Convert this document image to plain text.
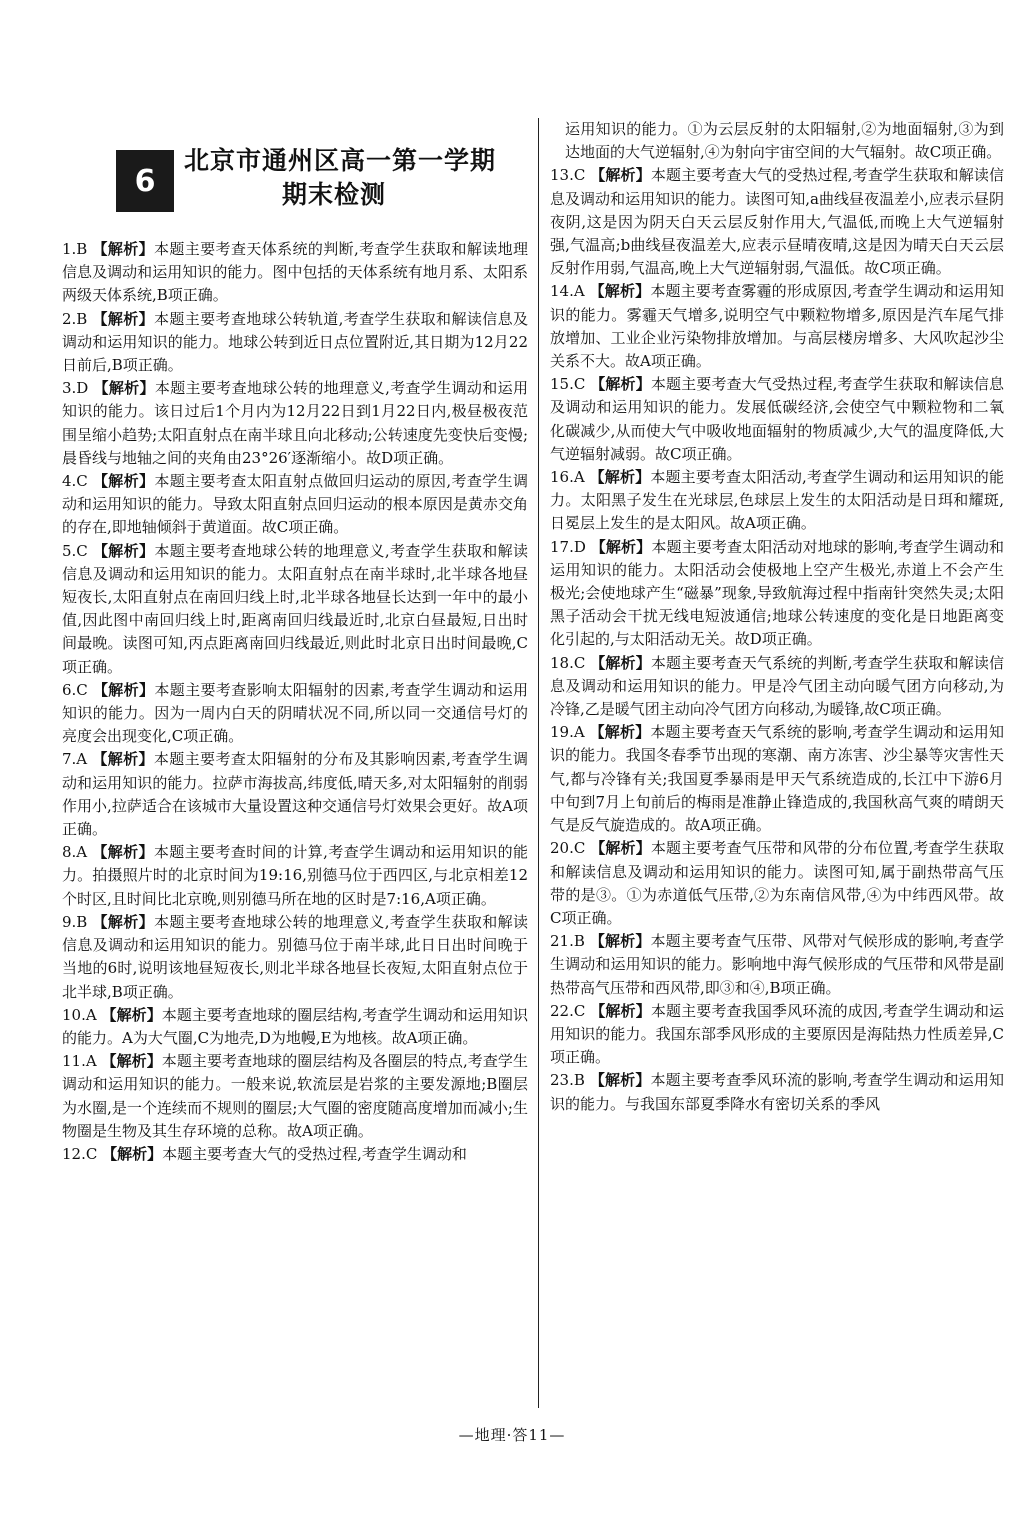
6
北京市通州区高一第一学期
期末检测

1.B 【解析】本题主要考查天体系统的判断,考查学生获取和解读地理信息及调动和运用知识的能力。图中包括的天体系统有地月系、太阳系两级天体系统,B项正确。

2.B 【解析】本题主要考查地球公转轨道,考查学生获取和解读信息及调动和运用知识的能力。地球公转到近日点位置附近,其日期为12月22日前后,B项正确。

3.D 【解析】本题主要考查地球公转的地理意义,考查学生调动和运用知识的能力。该日过后1个月内为12月22日到1月22日内,极昼极夜范围呈缩小趋势;太阳直射点在南半球且向北移动;公转速度先变快后变慢;晨昏线与地轴之间的夹角由23°26′逐渐缩小。故D项正确。

4.C 【解析】本题主要考查太阳直射点做回归运动的原因,考查学生调动和运用知识的能力。导致太阳直射点回归运动的根本原因是黄赤交角的存在,即地轴倾斜于黄道面。故C项正确。

5.C 【解析】本题主要考查地球公转的地理意义,考查学生获取和解读信息及调动和运用知识的能力。太阳直射点在南半球时,北半球各地昼短夜长,太阳直射点在南回归线上时,北半球各地昼长达到一年中的最小值,因此图中南回归线上时,距离南回归线最近时,北京白昼最短,日出时间最晚。读图可知,丙点距离南回归线最近,则此时北京日出时间最晚,C项正确。

6.C 【解析】本题主要考查影响太阳辐射的因素,考查学生调动和运用知识的能力。因为一周内白天的阴晴状况不同,所以同一交通信号灯的亮度会出现变化,C项正确。

7.A 【解析】本题主要考查太阳辐射的分布及其影响因素,考查学生调动和运用知识的能力。拉萨市海拔高,纬度低,晴天多,对太阳辐射的削弱作用小,拉萨适合在该城市大量设置这种交通信号灯效果会更好。故A项正确。

8.A 【解析】本题主要考查时间的计算,考查学生调动和运用知识的能力。拍摄照片时的北京时间为19:16,别德马位于西四区,与北京相差12个时区,且时间比北京晚,则别德马所在地的区时是7:16,A项正确。

9.B 【解析】本题主要考查地球公转的地理意义,考查学生获取和解读信息及调动和运用知识的能力。别德马位于南半球,此日日出时间晚于当地的6时,说明该地昼短夜长,则北半球各地昼长夜短,太阳直射点位于北半球,B项正确。

10.A 【解析】本题主要考查地球的圈层结构,考查学生调动和运用知识的能力。A为大气圈,C为地壳,D为地幔,E为地核。故A项正确。

11.A 【解析】本题主要考查地球的圈层结构及各圈层的特点,考查学生调动和运用知识的能力。一般来说,软流层是岩浆的主要发源地;B圈层为水圈,是一个连续而不规则的圈层;大气圈的密度随高度增加而减小;生物圈是生物及其生存环境的总称。故A项正确。

12.C 【解析】本题主要考查大气的受热过程,考查学生调动和

运用知识的能力。①为云层反射的太阳辐射,②为地面辐射,③为到达地面的大气逆辐射,④为射向宇宙空间的大气辐射。故C项正确。

13.C 【解析】本题主要考查大气的受热过程,考查学生获取和解读信息及调动和运用知识的能力。读图可知,a曲线昼夜温差小,应表示昼阴夜阴,这是因为阴天白天云层反射作用大,气温低,而晚上大气逆辐射强,气温高;b曲线昼夜温差大,应表示昼晴夜晴,这是因为晴天白天云层反射作用弱,气温高,晚上大气逆辐射弱,气温低。故C项正确。

14.A 【解析】本题主要考查雾霾的形成原因,考查学生调动和运用知识的能力。雾霾天气增多,说明空气中颗粒物增多,原因是汽车尾气排放增加、工业企业污染物排放增加。与高层楼房增多、大风吹起沙尘关系不大。故A项正确。

15.C 【解析】本题主要考查大气受热过程,考查学生获取和解读信息及调动和运用知识的能力。发展低碳经济,会使空气中颗粒物和二氧化碳减少,从而使大气中吸收地面辐射的物质减少,大气的温度降低,大气逆辐射减弱。故C项正确。

16.A 【解析】本题主要考查太阳活动,考查学生调动和运用知识的能力。太阳黑子发生在光球层,色球层上发生的太阳活动是日珥和耀斑,日冕层上发生的是太阳风。故A项正确。

17.D 【解析】本题主要考查太阳活动对地球的影响,考查学生调动和运用知识的能力。太阳活动会使极地上空产生极光,赤道上不会产生极光;会使地球产生“磁暴”现象,导致航海过程中指南针突然失灵;太阳黑子活动会干扰无线电短波通信;地球公转速度的变化是日地距离变化引起的,与太阳活动无关。故D项正确。

18.C 【解析】本题主要考查天气系统的判断,考查学生获取和解读信息及调动和运用知识的能力。甲是冷气团主动向暖气团方向移动,为冷锋,乙是暖气团主动向冷气团方向移动,为暖锋,故C项正确。

19.A 【解析】本题主要考查天气系统的影响,考查学生调动和运用知识的能力。我国冬春季节出现的寒潮、南方冻害、沙尘暴等灾害性天气,都与冷锋有关;我国夏季暴雨是甲天气系统造成的,长江中下游6月中旬到7月上旬前后的梅雨是准静止锋造成的,我国秋高气爽的晴朗天气是反气旋造成的。故A项正确。

20.C 【解析】本题主要考查气压带和风带的分布位置,考查学生获取和解读信息及调动和运用知识的能力。读图可知,属于副热带高气压带的是③。①为赤道低气压带,②为东南信风带,④为中纬西风带。故C项正确。

21.B 【解析】本题主要考查气压带、风带对气候形成的影响,考查学生调动和运用知识的能力。影响地中海气候形成的气压带和风带是副热带高气压带和西风带,即③和④,B项正确。

22.C 【解析】本题主要考查我国季风环流的成因,考查学生调动和运用知识的能力。我国东部季风形成的主要原因是海陆热力性质差异,C项正确。

23.B 【解析】本题主要考查季风环流的影响,考查学生调动和运用知识的能力。与我国东部夏季降水有密切关系的季风

—地理·答11—
